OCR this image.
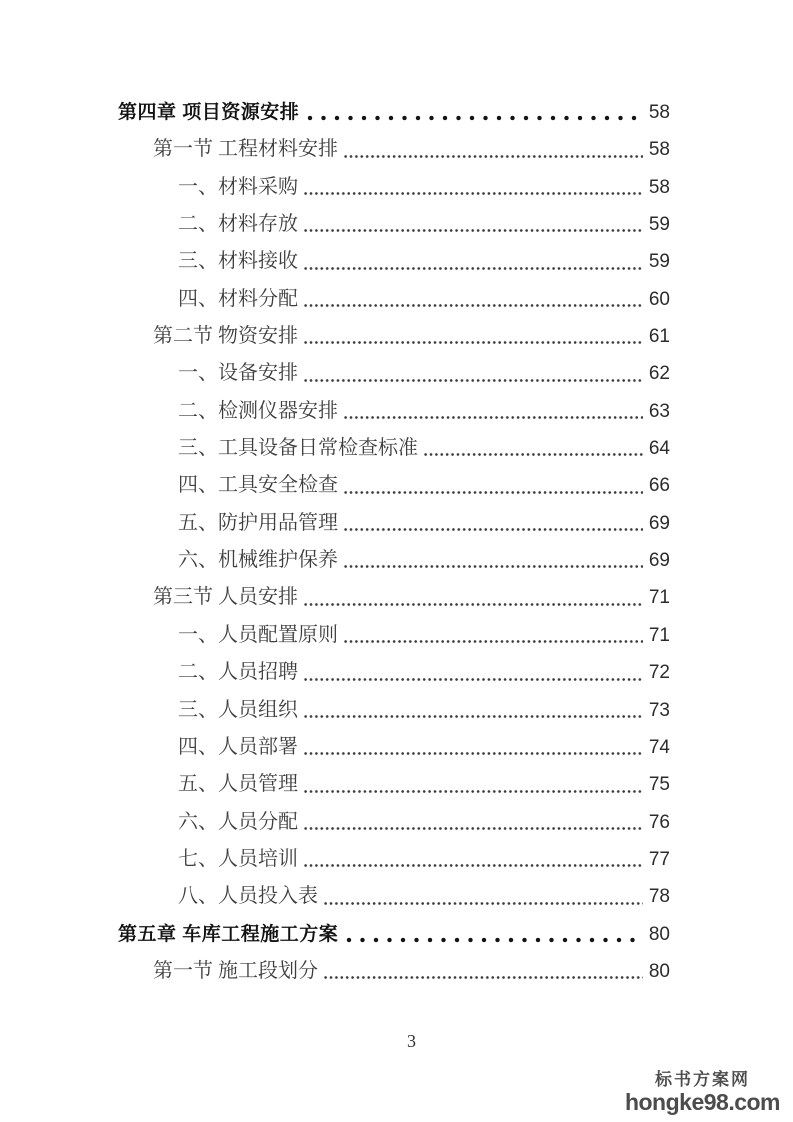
第四章 项目资源安排	58
第一节 工程材料安排	58
一、材料采购	58
二、材料存放	59
三、材料接收	59
四、材料分配	60
第二节 物资安排	61
一、设备安排	62
二、检测仪器安排	63
三、工具设备日常检查标准	64
四、工具安全检查	66
五、防护用品管理	69
六、机械维护保养	69
第三节 人员安排	71
一、人员配置原则	71
二、人员招聘	72
三、人员组织	73
四、人员部署	74
五、人员管理	75
六、人员分配	76
七、人员培训	77
八、人员投入表	78
第五章 车库工程施工方案	80
第一节 施工段划分	80
3
标书方案网
hongke98.com
